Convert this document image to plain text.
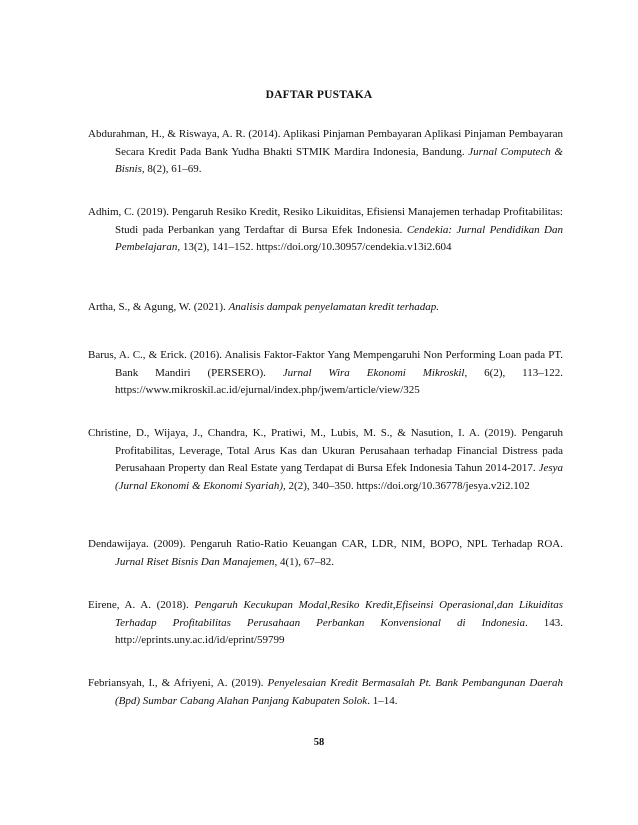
DAFTAR PUSTAKA
Abdurahman, H., & Riswaya, A. R. (2014). Aplikasi Pinjaman Pembayaran Aplikasi Pinjaman Pembayaran Secara Kredit Pada Bank Yudha Bhakti STMIK Mardira Indonesia, Bandung. Jurnal Computech & Bisnis, 8(2), 61–69.
Adhim, C. (2019). Pengaruh Resiko Kredit, Resiko Likuiditas, Efisiensi Manajemen terhadap Profitabilitas: Studi pada Perbankan yang Terdaftar di Bursa Efek Indonesia. Cendekia: Jurnal Pendidikan Dan Pembelajaran, 13(2), 141–152. https://doi.org/10.30957/cendekia.v13i2.604
Artha, S., & Agung, W. (2021). Analisis dampak penyelamatan kredit terhadap.
Barus, A. C., & Erick. (2016). Analisis Faktor-Faktor Yang Mempengaruhi Non Performing Loan pada PT. Bank Mandiri (PERSERO). Jurnal Wira Ekonomi Mikroskil, 6(2), 113–122. https://www.mikroskil.ac.id/ejurnal/index.php/jwem/article/view/325
Christine, D., Wijaya, J., Chandra, K., Pratiwi, M., Lubis, M. S., & Nasution, I. A. (2019). Pengaruh Profitabilitas, Leverage, Total Arus Kas dan Ukuran Perusahaan terhadap Financial Distress pada Perusahaan Property dan Real Estate yang Terdapat di Bursa Efek Indonesia Tahun 2014-2017. Jesya (Jurnal Ekonomi & Ekonomi Syariah), 2(2), 340–350. https://doi.org/10.36778/jesya.v2i2.102
Dendawijaya. (2009). Pengaruh Ratio-Ratio Keuangan CAR, LDR, NIM, BOPO, NPL Terhadap ROA. Jurnal Riset Bisnis Dan Manajemen, 4(1), 67–82.
Eirene, A. A. (2018). Pengaruh Kecukupan Modal,Resiko Kredit,Efiseinsi Operasional,dan Likuiditas Terhadap Profitabilitas Perusahaan Perbankan Konvensional di Indonesia. 143. http://eprints.uny.ac.id/id/eprint/59799
Febriansyah, I., & Afriyeni, A. (2019). Penyelesaian Kredit Bermasalah Pt. Bank Pembangunan Daerah (Bpd) Sumbar Cabang Alahan Panjang Kabupaten Solok. 1–14.
58
